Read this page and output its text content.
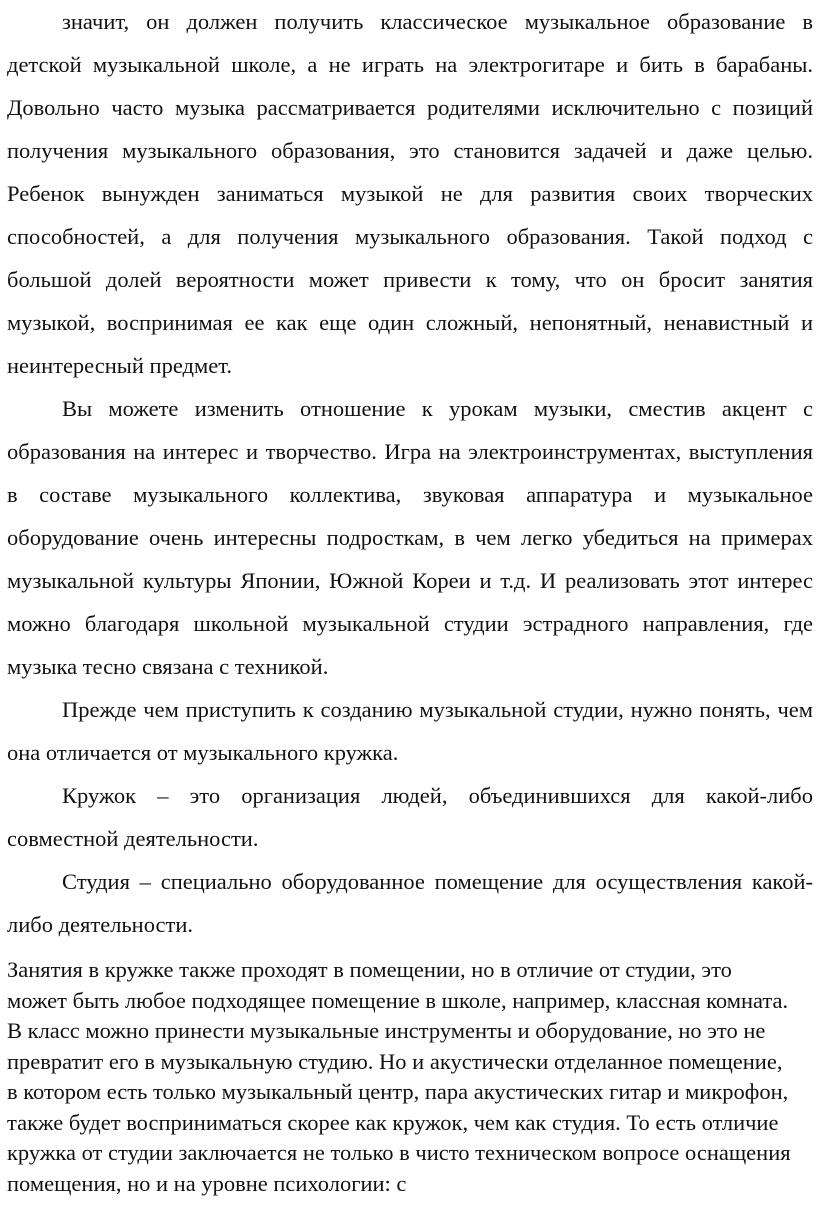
значит, он должен получить классическое музыкальное образование в детской музыкальной школе, а не играть на электрогитаре и бить в барабаны. Довольно часто музыка рассматривается родителями исключительно с позиций получения музыкального образования, это становится задачей и даже целью. Ребенок вынужден заниматься музыкой не для развития своих творческих способностей, а для получения музыкального образования. Такой подход с большой долей вероятности может привести к тому, что он бросит занятия музыкой, воспринимая ее как еще один сложный, непонятный, ненавистный и неинтересный предмет.

Вы можете изменить отношение к урокам музыки, сместив акцент с образования на интерес и творчество. Игра на электроинструментах, выступления в составе музыкального коллектива, звуковая аппаратура и музыкальное оборудование очень интересны подросткам, в чем легко убедиться на примерах музыкальной культуры Японии, Южной Кореи и т.д. И реализовать этот интерес можно благодаря школьной музыкальной студии эстрадного направления, где музыка тесно связана с техникой.

Прежде чем приступить к созданию музыкальной студии, нужно понять, чем она отличается от музыкального кружка.

Кружок – это организация людей, объединившихся для какой-либо совместной деятельности.

Студия – специально оборудованное помещение для осуществления какой-либо деятельности.

Занятия в кружке также проходят в помещении, но в отличие от студии, это может быть любое подходящее помещение в школе, например, классная комната. В класс можно принести музыкальные инструменты и оборудование, но это не превратит его в музыкальную студию. Но и акустически отделанное помещение, в котором есть только музыкальный центр, пара акустических гитар и микрофон, также будет восприниматься скорее как кружок, чем как студия. То есть отличие кружка от студии заключается не только в чисто техническом вопросе оснащения помещения, но и на уровне психологии: с
